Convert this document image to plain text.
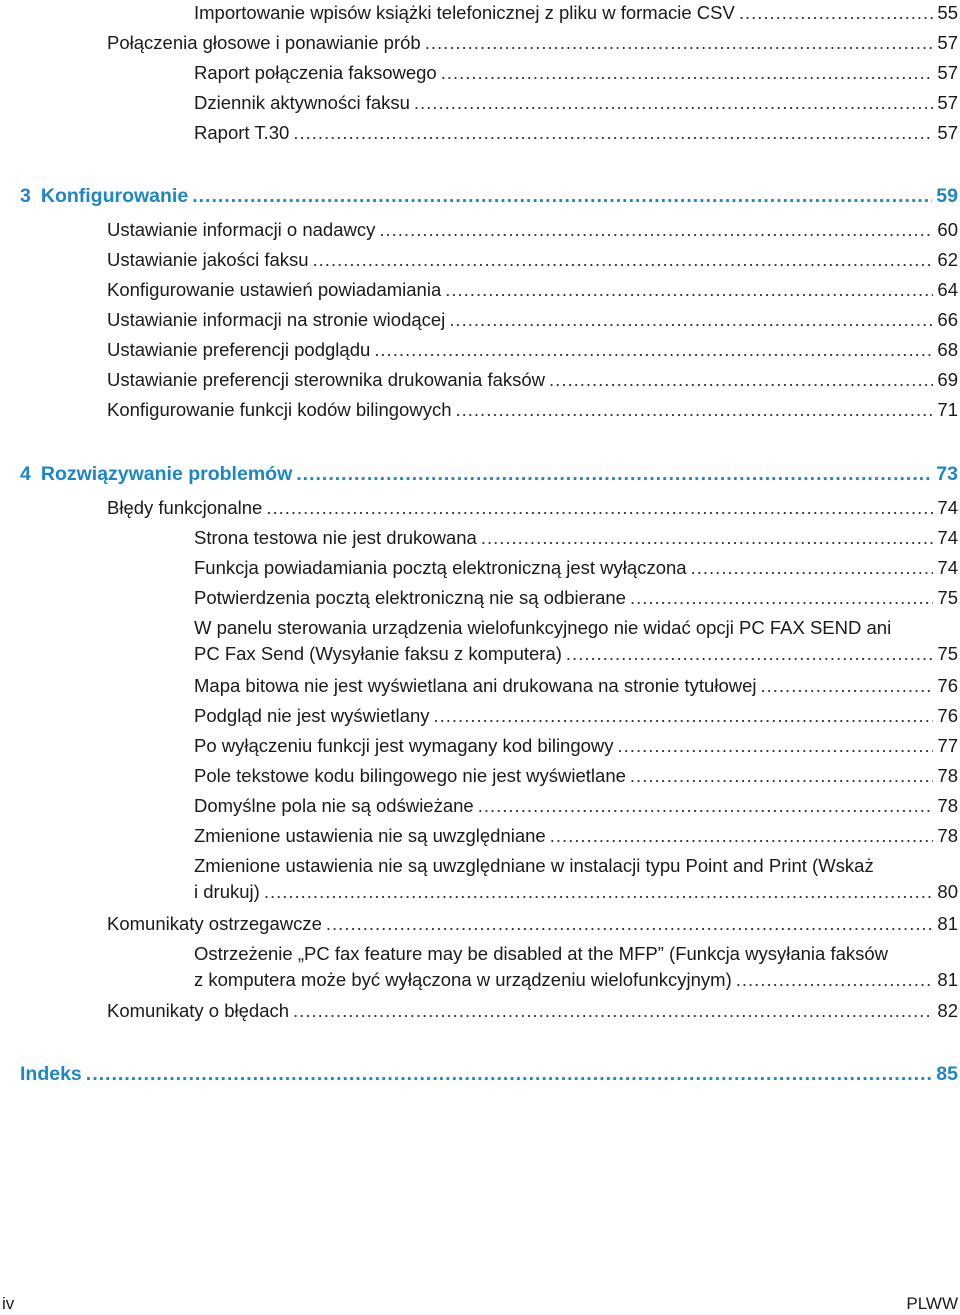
Importowanie wpisów książki telefonicznej z pliku w formacie CSV .....	55
Połączenia głosowe i ponawianie prób .....	57
Raport połączenia faksowego .....	57
Dziennik aktywności faksu .....	57
Raport T.30 .....	57
3 Konfigurowanie .....	59
Ustawianie informacji o nadawcy .....	60
Ustawianie jakości faksu .....	62
Konfigurowanie ustawień powiadamiania .....	64
Ustawianie informacji na stronie wiodącej .....	66
Ustawianie preferencji podglądu .....	68
Ustawianie preferencji sterownika drukowania faksów .....	69
Konfigurowanie funkcji kodów bilingowych .....	71
4 Rozwiązywanie problemów .....	73
Błędy funkcjonalne .....	74
Strona testowa nie jest drukowana .....	74
Funkcja powiadamiania pocztą elektroniczną jest wyłączona .....	74
Potwierdzenia pocztą elektroniczną nie są odbierane .....	75
W panelu sterowania urządzenia wielofunkcyjnego nie widać opcji PC FAX SEND ani
PC Fax Send (Wysyłanie faksu z komputera) .....	75
Mapa bitowa nie jest wyświetlana ani drukowana na stronie tytułowej .....	76
Podgląd nie jest wyświetlany .....	76
Po wyłączeniu funkcji jest wymagany kod bilingowy .....	77
Pole tekstowe kodu bilingowego nie jest wyświetlane .....	78
Domyślne pola nie są odświeżane .....	78
Zmienione ustawienia nie są uwzględniane .....	78
Zmienione ustawienia nie są uwzględniane w instalacji typu Point and Print (Wskaż
i drukuj) .....	80
Komunikaty ostrzegawcze .....	81
Ostrzeżenie „PC fax feature may be disabled at the MFP” (Funkcja wysyłania faksów
z komputera może być wyłączona w urządzeniu wielofunkcyjnym) .....	81
Komunikaty o błędach .....	82
Indeks .....	85
iv	PLWW
